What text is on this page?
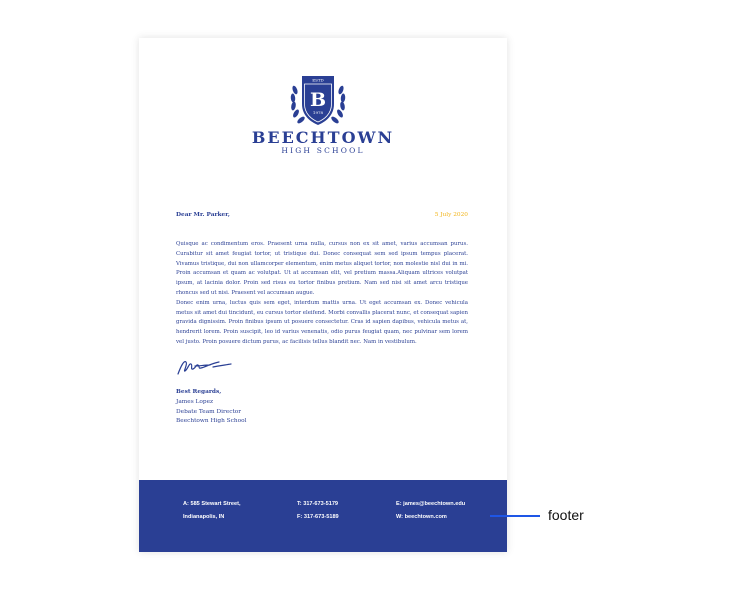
ESTD
B
1978
BEECHTOWN
HIGH SCHOOL
Dear Mr. Parker,	5 July 2020

Quisque ac condimentum eros. Praesent urna nulla, cursus non ex sit amet, varius accumsan purus. Curabitur sit amet feugiat tortor, ut tristique dui. Donec consequat sem sed ipsum tempus placerat. Vivamus tristique, dui non ullamcorper elementum, enim metus aliquet tortor, non molestie nisl dui in mi. Proin accumsan et quam ac volutpat. Ut at accumsan elit, vel pretium massa.Aliquam ultrices volutpat ipsum, at lacinia dolor. Proin sed risus eu tortor finibus pretium. Nam sed nisi sit amet arcu tristique rhoncus sed ut nisi. Praesent vel accumsan augue.

Donec enim urna, luctus quis sem eget, interdum mattis urna. Ut eget accumsan ex. Donec vehicula metus sit amet dui tincidunt, eu cursus tortor eleifend. Morbi convallis placerat nunc, et consequat sapien gravida dignissim. Proin finibus ipsum ut posuere consectetur. Cras id sapien dapibus, vehicula metus at, hendrerit lorem. Proin suscipit, leo id varius venenatis, odio purus feugiat quam, nec pulvinar sem lorem vel justo. Proin posuere dictum purus, ac facilisis tellus blandit nec. Nam in vestibulum.

Best Regards,
James Lopez
Debate Team Director
Beechtown High School
A: 585 Stewart Street,
Indianapolis, IN
T: 317-673-5179
F: 317-673-5189
E: james@beechtown.edu
W: beechtown.com	footer
